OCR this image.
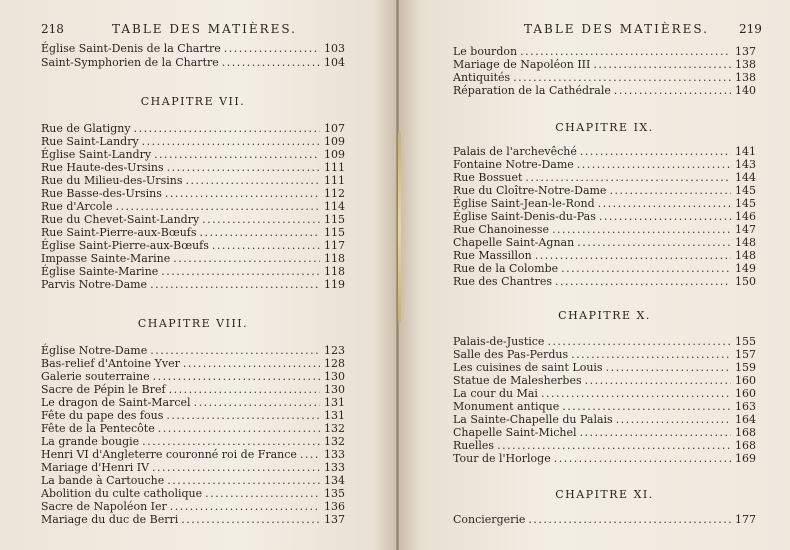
218	TABLE DES MATIÈRES.
Église Saint-Denis de la Chartre .....	103
Saint-Symphorien de la Chartre .....	104
CHAPITRE VII.
Rue de Glatigny .....	107
Rue Saint-Landry .....	109
Église Saint-Landry .....	109
Rue Haute-des-Ursins .....	111
Rue du Milieu-des-Ursins .....	111
Rue Basse-des-Ursins .....	112
Rue d'Arcole .....	114
Rue du Chevet-Saint-Landry .....	115
Rue Saint-Pierre-aux-Bœufs .....	115
Église Saint-Pierre-aux-Bœufs .....	117
Impasse Sainte-Marine .....	118
Église Sainte-Marine .....	118
Parvis Notre-Dame .....	119
CHAPITRE VIII.
Église Notre-Dame .....	123
Bas-relief d'Antoine Yver .....	128
Galerie souterraine .....	130
Sacre de Pépin le Bref .....	130
Le dragon de Saint-Marcel .....	131
Fête du pape des fous .....	131
Fête de la Pentecôte .....	132
La grande bougie .....	132
Henri VI d'Angleterre couronné roi de France ..... 133
Mariage d'Henri IV .....	133
La bande à Cartouche .....	134
Abolition du culte catholique .....	135
Sacre de Napoléon Ier .....	136
Mariage du duc de Berri .....	137
TABLE DES MATIÈRES.	219
Le bourdon .....	137
Mariage de Napoléon III .....	138
Antiquités .....	138
Réparation de la Cathédrale .....	140
CHAPITRE IX.
Palais de l'archevêché .....	141
Fontaine Notre-Dame .....	143
Rue Bossuet .....	144
Rue du Cloître-Notre-Dame .....	145
Église Saint-Jean-le-Rond .....	145
Église Saint-Denis-du-Pas .....	146
Rue Chanoinesse .....	147
Chapelle Saint-Agnan .....	148
Rue Massillon .....	148
Rue de la Colombe .....	149
Rue des Chantres .....	150
CHAPITRE X.
Palais-de-Justice .....	155
Salle des Pas-Perdus .....	157
Les cuisines de saint Louis .....	159
Statue de Malesherbes .....	160
La cour du Mai .....	160
Monument antique .....	163
La Sainte-Chapelle du Palais .....	164
Chapelle Saint-Michel .....	168
Ruelles .....	168
Tour de l'Horloge .....	169
CHAPITRE XI.
Conciergerie .....	177
